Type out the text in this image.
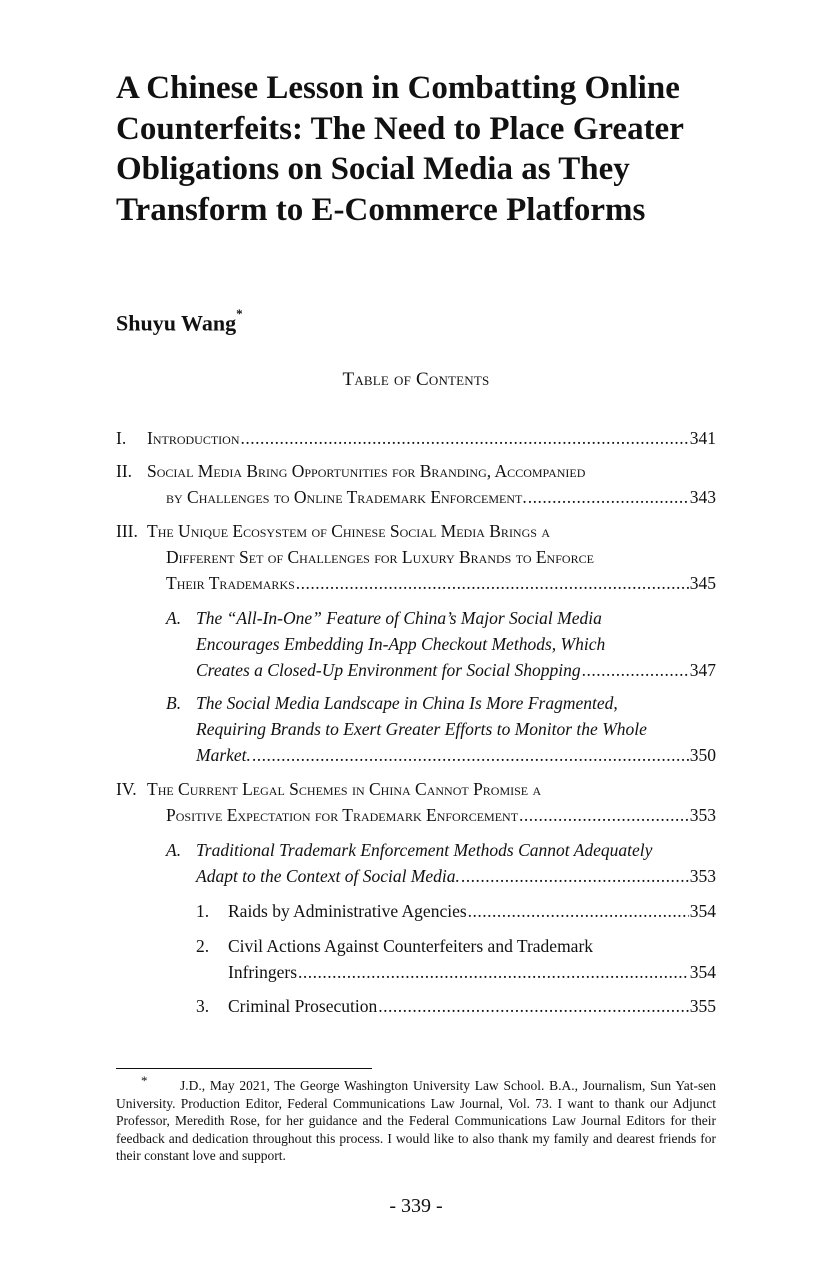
A Chinese Lesson in Combatting Online Counterfeits: The Need to Place Greater Obligations on Social Media as They Transform to E-Commerce Platforms
Shuyu Wang*
Table of Contents
I. Introduction .....	341
II. Social Media Bring Opportunities for Branding, Accompanied
by Challenges to Online Trademark Enforcement. .....	343
III. The Unique Ecosystem of Chinese Social Media Brings a
Different Set of Challenges for Luxury Brands to Enforce
Their Trademarks .....	345
A. The “All-In-One” Feature of China’s Major Social Media
Encourages Embedding In-App Checkout Methods, Which
Creates a Closed-Up Environment for Social Shopping .....	347
B. The Social Media Landscape in China Is More Fragmented,
Requiring Brands to Exert Greater Efforts to Monitor the Whole
Market. .....	350
IV. The Current Legal Schemes in China Cannot Promise a
Positive Expectation for Trademark Enforcement .....	353
A. Traditional Trademark Enforcement Methods Cannot Adequately
Adapt to the Context of Social Media. .....	353
1. Raids by Administrative Agencies .....	354
2. Civil Actions Against Counterfeiters and Trademark
Infringers .....	354
3. Criminal Prosecution .....	355
*	J.D., May 2021, The George Washington University Law School. B.A., Journalism, Sun Yat-sen University. Production Editor, Federal Communications Law Journal, Vol. 73. I want to thank our Adjunct Professor, Meredith Rose, for her guidance and the Federal Communications Law Journal Editors for their feedback and dedication throughout this process. I would like to also thank my family and dearest friends for their constant love and support.

- 339 -
